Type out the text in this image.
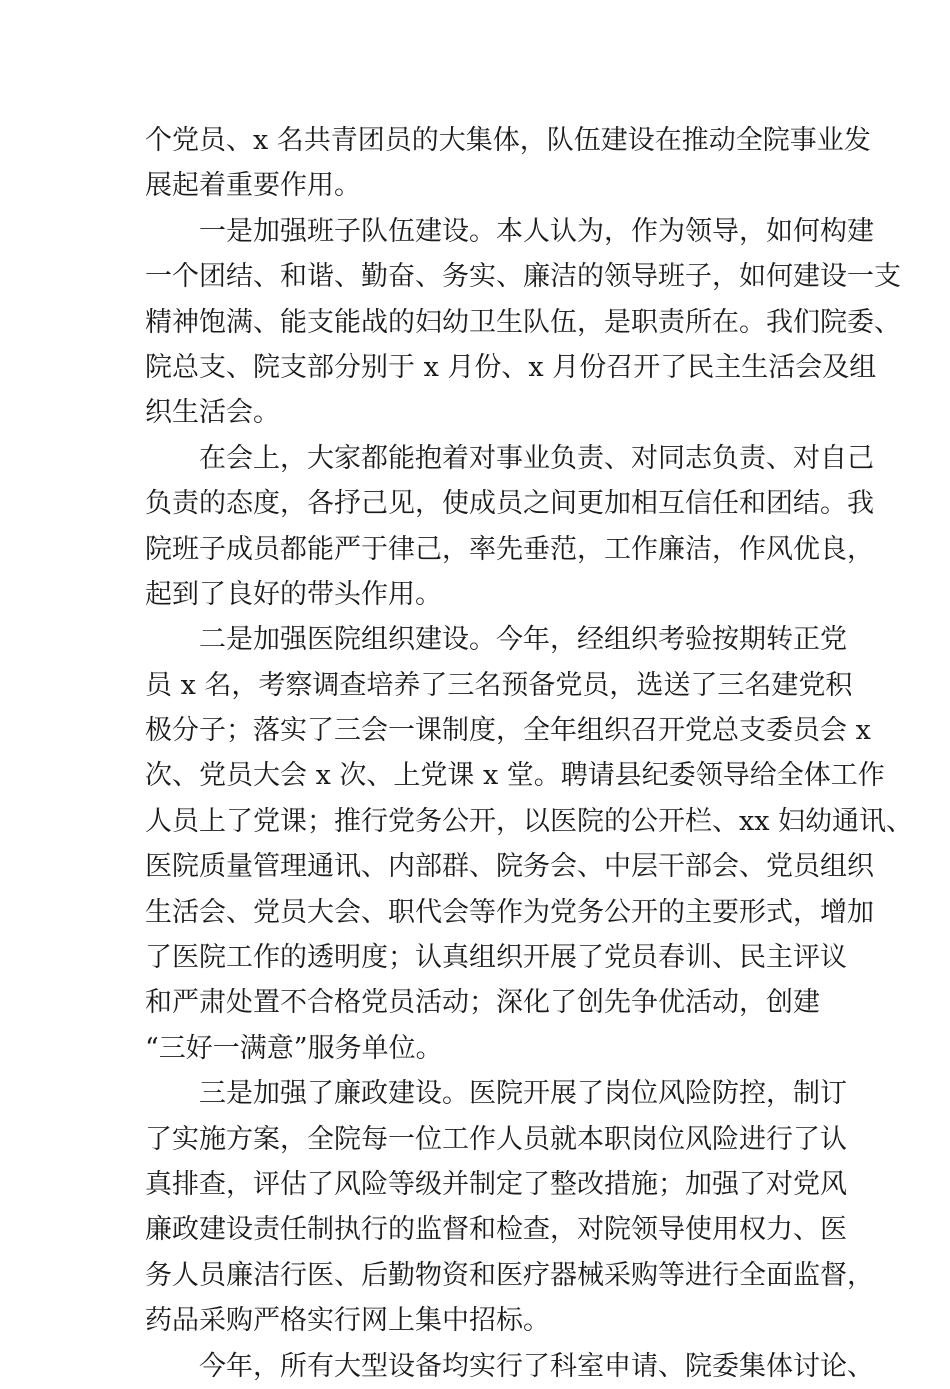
个党员、x 名共青团员的大集体，队伍建设在推动全院事业发
展起着重要作用。
一是加强班子队伍建设。本人认为，作为领导，如何构建
一个团结、和谐、勤奋、务实、廉洁的领导班子，如何建设一支
精神饱满、能支能战的妇幼卫生队伍，是职责所在。我们院委、
院总支、院支部分别于 x 月份、x 月份召开了民主生活会及组
织生活会。
在会上，大家都能抱着对事业负责、对同志负责、对自己
负责的态度，各抒己见，使成员之间更加相互信任和团结。我
院班子成员都能严于律己，率先垂范，工作廉洁，作风优良，
起到了良好的带头作用。
二是加强医院组织建设。今年，经组织考验按期转正党
员 x 名，考察调查培养了三名预备党员，选送了三名建党积
极分子；落实了三会一课制度，全年组织召开党总支委员会 x
次、党员大会 x 次、上党课 x 堂。聘请县纪委领导给全体工作
人员上了党课；推行党务公开，以医院的公开栏、xx 妇幼通讯、
医院质量管理通讯、内部群、院务会、中层干部会、党员组织
生活会、党员大会、职代会等作为党务公开的主要形式，增加
了医院工作的透明度；认真组织开展了党员春训、民主评议
和严肃处置不合格党员活动；深化了创先争优活动，创建
“三好一满意”服务单位。
三是加强了廉政建设。医院开展了岗位风险防控，制订
了实施方案，全院每一位工作人员就本职岗位风险进行了认
真排查，评估了风险等级并制定了整改措施；加强了对党风
廉政建设责任制执行的监督和检查，对院领导使用权力、医
务人员廉洁行医、后勤物资和医疗器械采购等进行全面监督，
药品采购严格实行网上集中招标。
今年，所有大型设备均实行了科室申请、院委集体讨论、
